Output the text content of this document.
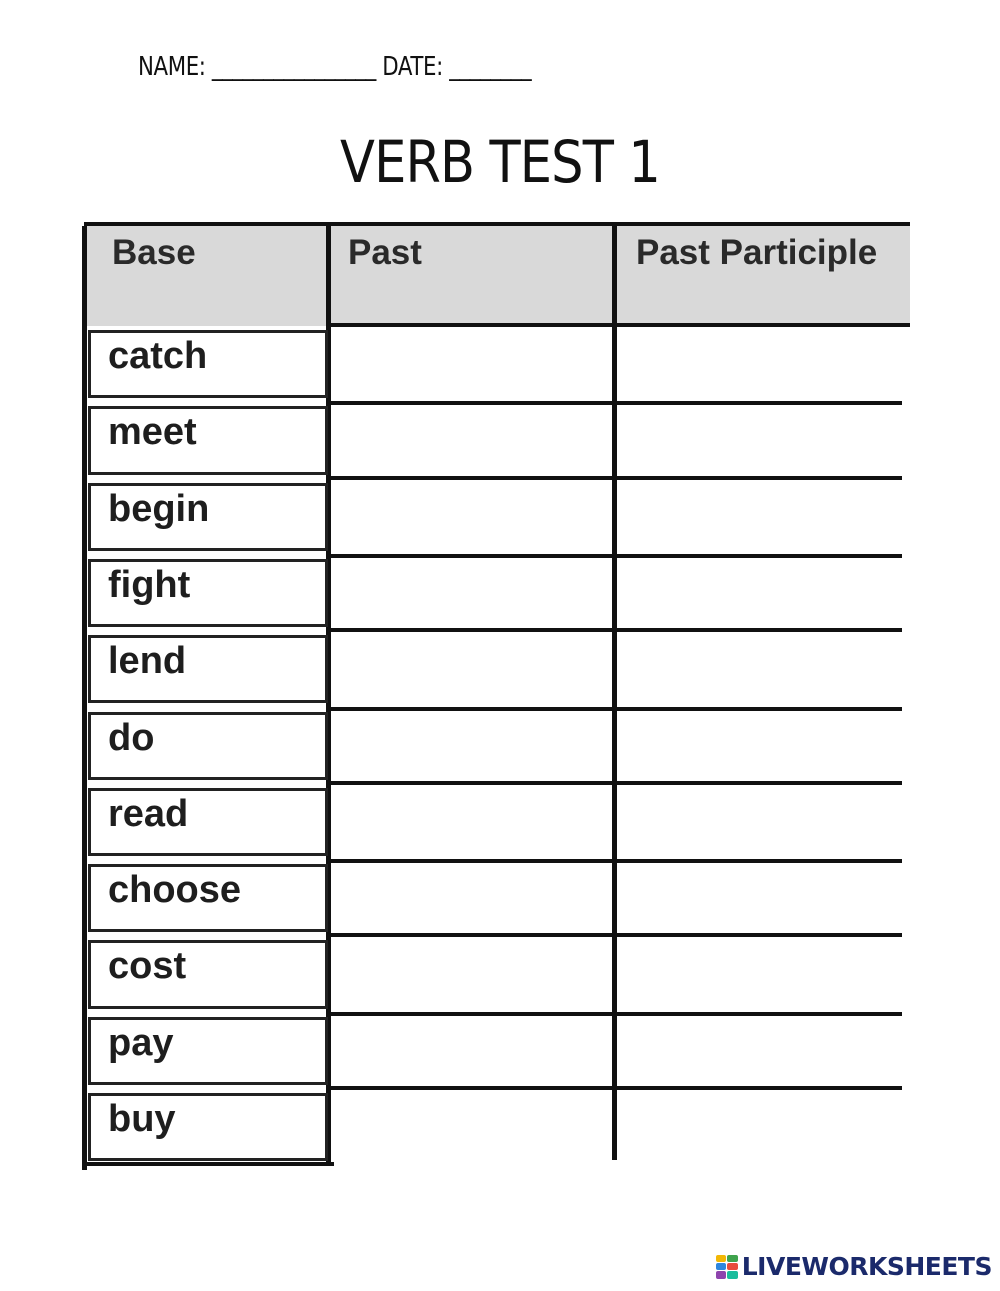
NAME: ________________ DATE: ________
VERB TEST 1
Base	Past	Past Participle
catch
meet
begin
fight
lend
do
read
choose
cost
pay
buy
LIVEWORKSHEETS
